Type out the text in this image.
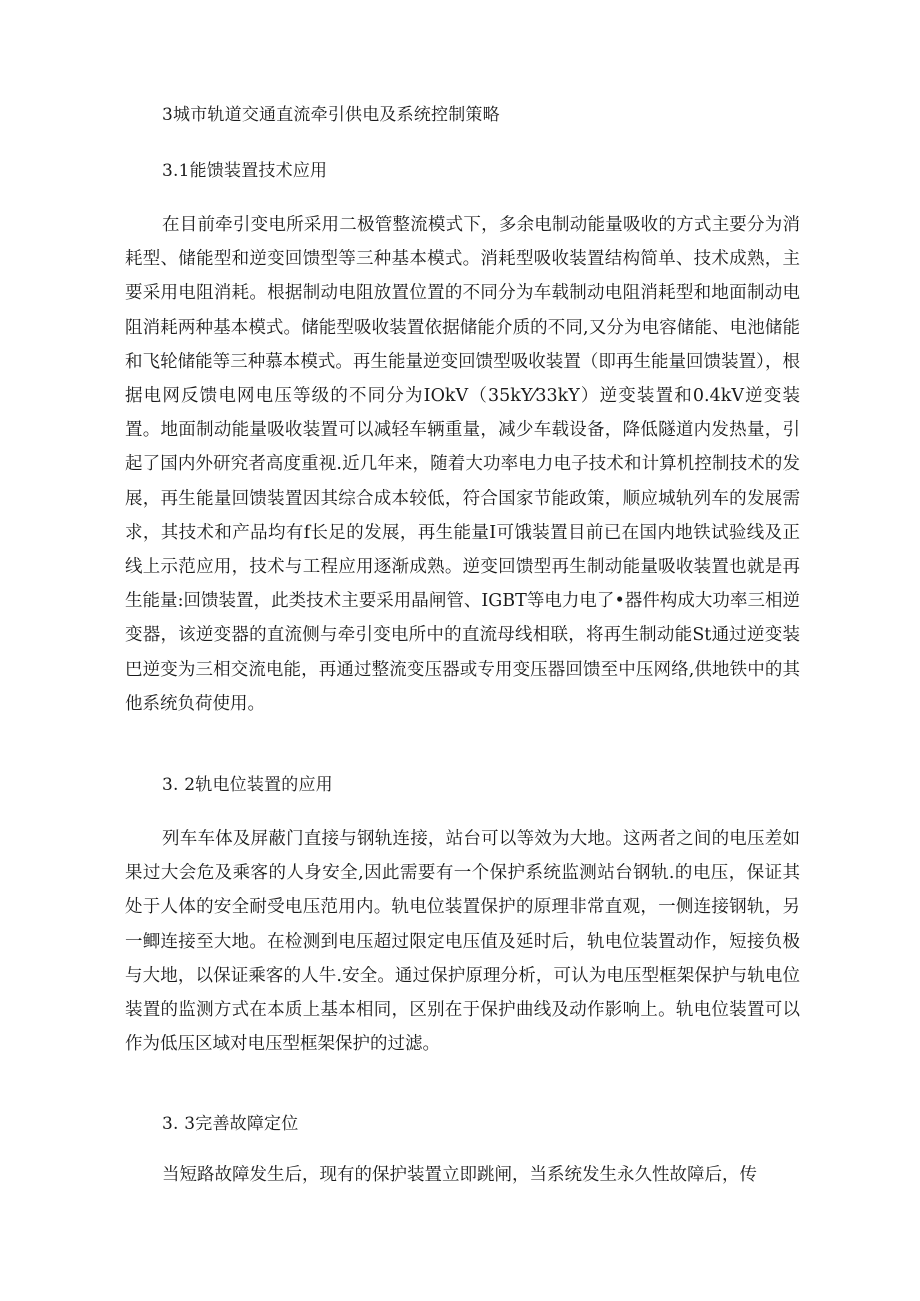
3城市轨道交通直流牵引供电及系统控制策略
3.1能馈装置技术应用

在目前牵引变电所采用二极管整流模式下，多余电制动能量吸收的方式主要分为消耗型、储能型和逆变回馈型等三种基本模式。消耗型吸收装置结构简单、技术成熟，主要采用电阻消耗。根据制动电阻放置位置的不同分为车载制动电阻消耗型和地面制动电阻消耗两种基本模式。储能型吸收装置依据储能介质的不同,又分为电容储能、电池储能和飞轮储能等三种慕本模式。再生能量逆变回馈型吸收装置（即再生能量回馈装置），根据电网反馈电网电压等级的不同分为IOkV（35kY⁄33kY）逆变装置和0.4kV逆变装置。地面制动能量吸收装置可以减轻车辆重量，减少车载设备，降低隧道内发热量，引起了国内外研究者高度重视.近几年来，随着大功率电力电子技术和计算机控制技术的发展，再生能量回馈装置因其综合成本较低，符合国家节能政策，顺应城轨列车的发展需求，其技术和产品均有f长足的发展，再生能量I可饿装置目前已在国内地铁试验线及正线上示范应用，技术与工程应用逐渐成熟。逆变回馈型再生制动能量吸收装置也就是再生能量:回馈装置，此类技术主要采用晶闸管、IGBT等电力电了•器件构成大功率三相逆变器，该逆变器的直流侧与牵引变电所中的直流母线相联，将再生制动能St通过逆变装巴逆变为三相交流电能，再通过整流变压器或专用变压器回馈至中压网络,供地铁中的其他系统负荷使用。

3. 2轨电位装置的应用

列车车体及屏蔽门直接与钢轨连接，站台可以等效为大地。这两者之间的电压差如果过大会危及乘客的人身安全,因此需要有一个保护系统监测站台钢轨.的电压，保证其处于人体的安全耐受电压范用内。轨电位装置保护的原理非常直观，一侧连接钢轨，另一鲫连接至大地。在检测到电压超过限定电压值及延时后，轨电位装置动作，短接负极与大地，以保证乘客的人牛.安全。通过保护原理分析，可认为电压型框架保护与轨电位装置的监测方式在本质上基本相同，区别在于保护曲线及动作影响上。轨电位装置可以作为低压区域对电压型框架保护的过滤。

3. 3完善故障定位

当短路故障发生后，现有的保护装置立即跳闸，当系统发生永久性故障后，传
